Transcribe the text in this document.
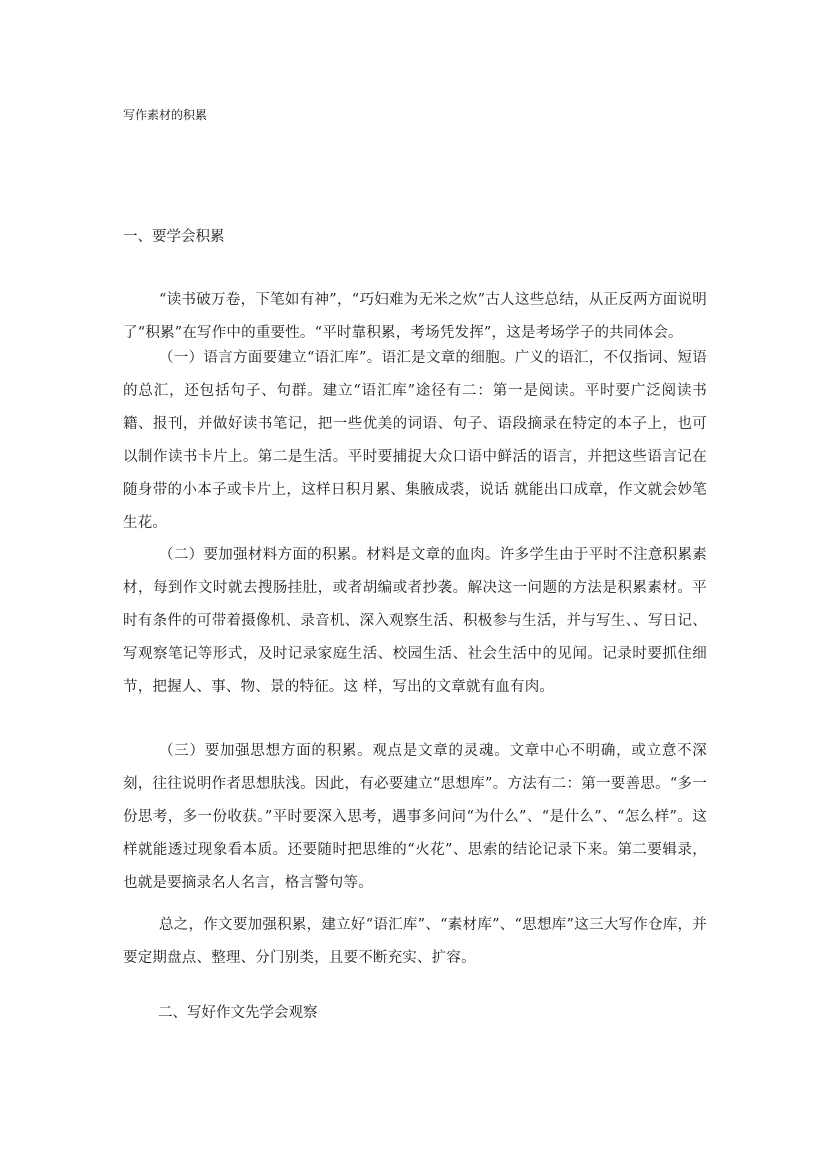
写作素材的积累
一、要学会积累

“读书破万卷，下笔如有神”，“巧妇难为无米之炊”古人这些总结，从正反两方面说明了“积累”在写作中的重要性。“平时靠积累，考场凭发挥”，这是考场学子的共同体会。

（一）语言方面要建立“语汇库”。语汇是文章的细胞。广义的语汇，不仅指词、短语的总汇，还包括句子、句群。建立“语汇库”途径有二：第一是阅读。平时要广泛阅读书籍、报刊，并做好读书笔记，把一些优美的词语、句子、语段摘录在特定的本子上，也可以制作读书卡片上。第二是生活。平时要捕捉大众口语中鲜活的语言，并把这些语言记在随身带的小本子或卡片上，这样日积月累、集腋成裘，说话 就能出口成章，作文就会妙笔生花。

（二）要加强材料方面的积累。材料是文章的血肉。许多学生由于平时不注意积累素材，每到作文时就去搜肠挂肚，或者胡编或者抄袭。解决这一问题的方法是积累素材。平时有条件的可带着摄像机、录音机、深入观察生活、积极参与生活，并与写生、、写日记、写观察笔记等形式，及时记录家庭生活、校园生活、社会生活中的见闻。记录时要抓住细节，把握人、事、物、景的特征。这 样，写出的文章就有血有肉。

（三）要加强思想方面的积累。观点是文章的灵魂。文章中心不明确，或立意不深刻，往往说明作者思想肤浅。因此，有必要建立“思想库”。方法有二：第一要善思。“多一份思考，多一份收获。”平时要深入思考，遇事多问问“为什么”、“是什么”、“怎么样”。这样就能透过现象看本质。还要随时把思维的“火花”、思索的结论记录下来。第二要辑录，也就是要摘录名人名言，格言警句等。

总之，作文要加强积累，建立好“语汇库”、“素材库”、“思想库”这三大写作仓库，并要定期盘点、整理、分门别类，且要不断充实、扩容。

二、写好作文先学会观察
